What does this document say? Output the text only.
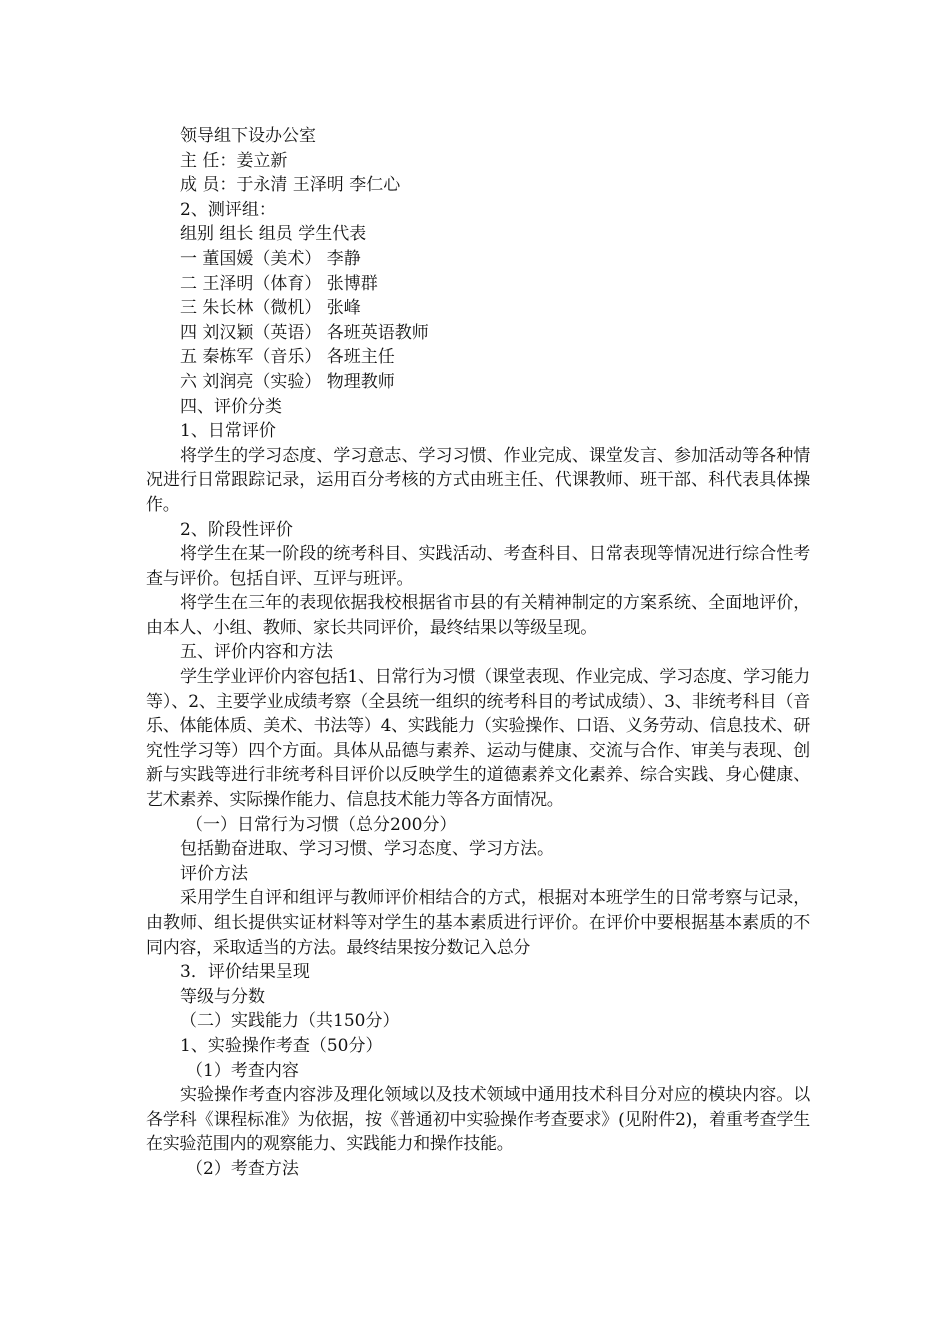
领导组下设办公室
主 任：姜立新
成 员：于永清 王泽明 李仁心
2、测评组：
组别 组长 组员 学生代表
一 董国媛（美术） 李静
二 王泽明（体育） 张博群
三 朱长林（微机） 张峰
四 刘汉颖（英语） 各班英语教师
五 秦栋军（音乐） 各班主任
六 刘润亮（实验） 物理教师
四、评价分类
1、日常评价
将学生的学习态度、学习意志、学习习惯、作业完成、课堂发言、参加活动等各种情况进行日常跟踪记录，运用百分考核的方式由班主任、代课教师、班干部、科代表具体操作。
2、阶段性评价
将学生在某一阶段的统考科目、实践活动、考查科目、日常表现等情况进行综合性考查与评价。包括自评、互评与班评。
将学生在三年的表现依据我校根据省市县的有关精神制定的方案系统、全面地评价，由本人、小组、教师、家长共同评价，最终结果以等级呈现。
五、评价内容和方法
学生学业评价内容包括1、日常行为习惯（课堂表现、作业完成、学习态度、学习能力等）、2、主要学业成绩考察（全县统一组织的统考科目的考试成绩）、3、非统考科目（音乐、体能体质、美术、书法等）4、实践能力（实验操作、口语、义务劳动、信息技术、研究性学习等）四个方面。具体从品德与素养、运动与健康、交流与合作、审美与表现、创新与实践等进行非统考科目评价以反映学生的道德素养文化素养、综合实践、身心健康、艺术素养、实际操作能力、信息技术能力等各方面情况。
（一）日常行为习惯（总分200分）
包括勤奋进取、学习习惯、学习态度、学习方法。
评价方法
采用学生自评和组评与教师评价相结合的方式，根据对本班学生的日常考察与记录，由教师、组长提供实证材料等对学生的基本素质进行评价。在评价中要根据基本素质的不同内容，采取适当的方法。最终结果按分数记入总分
3．评价结果呈现
等级与分数
（二）实践能力（共150分）
1、实验操作考查（50分）
（1）考查内容
实验操作考查内容涉及理化领域以及技术领域中通用技术科目分对应的模块内容。以各学科《课程标准》为依据，按《普通初中实验操作考查要求》(见附件2)，着重考查学生在实验范围内的观察能力、实践能力和操作技能。
（2）考查方法
